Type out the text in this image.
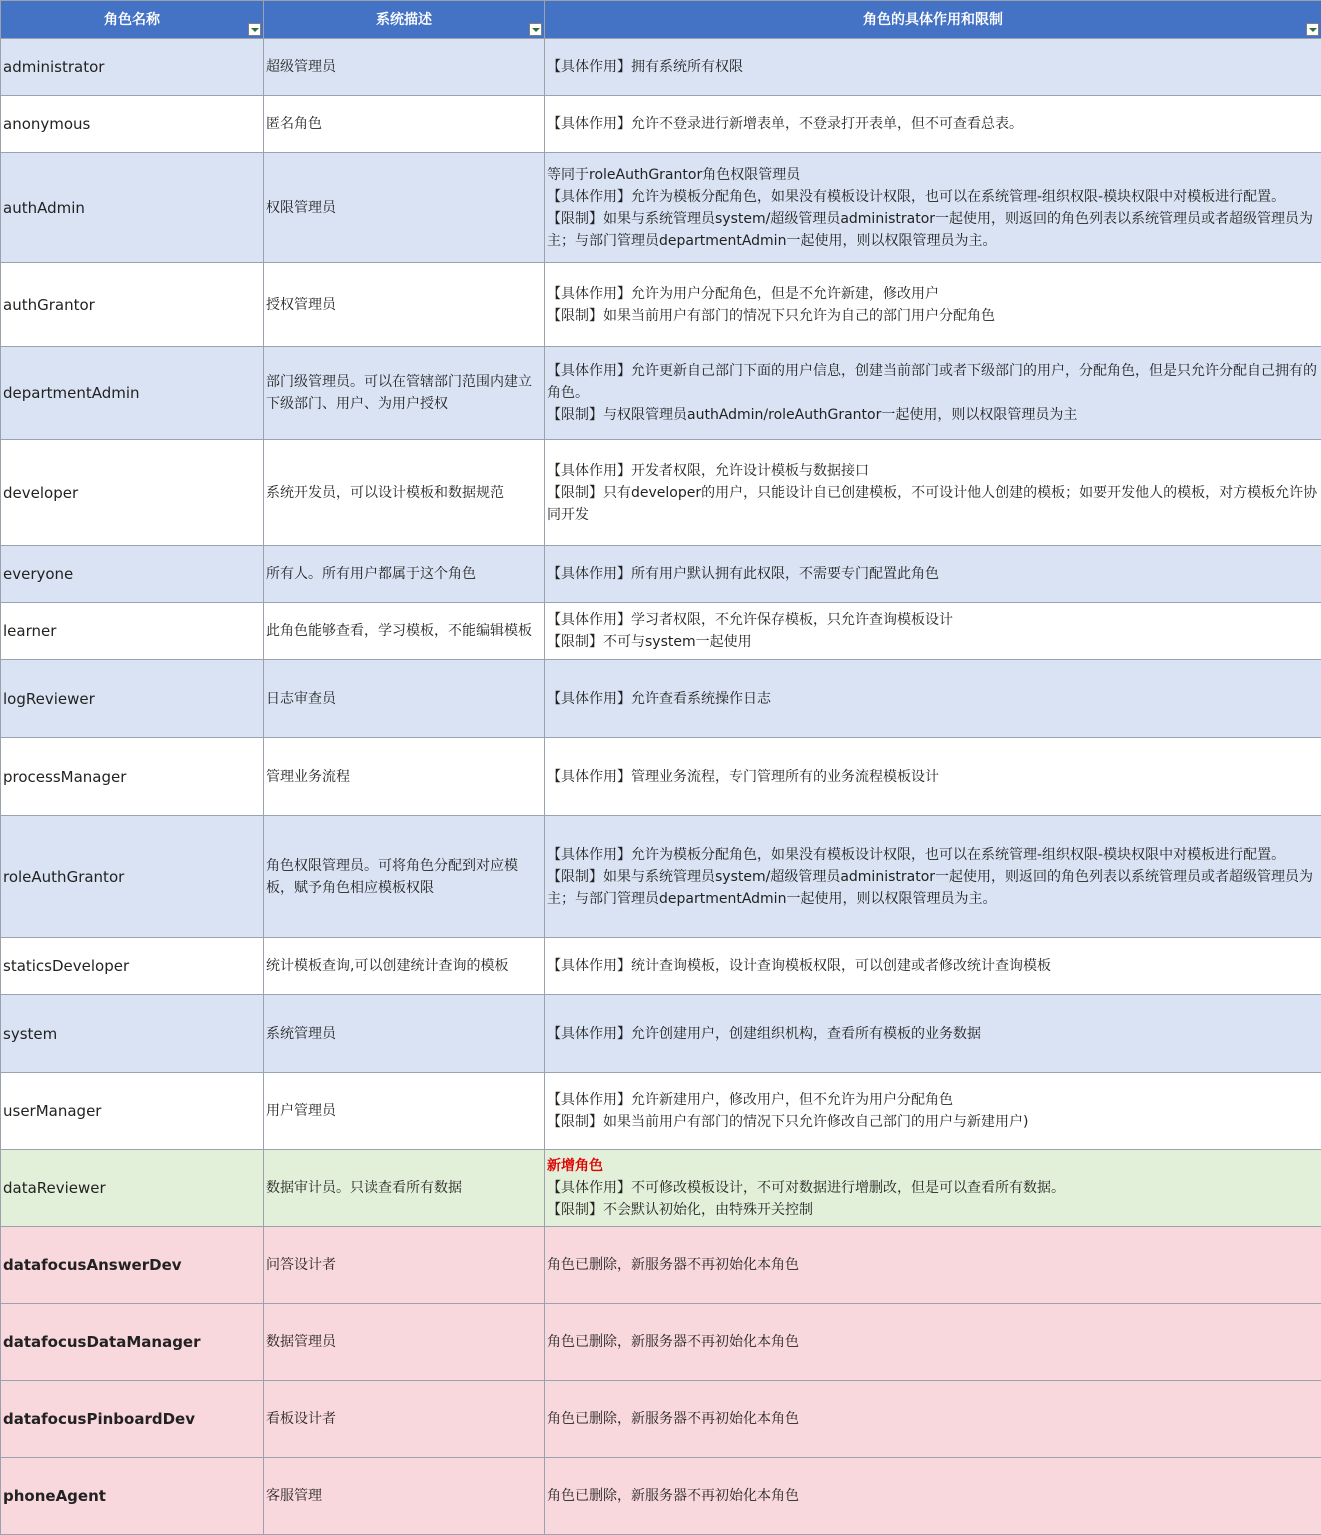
角色名称	系统描述	角色的具体作用和限制

administrator	超级管理员	【具体作用】拥有系统所有权限

anonymous	匿名角色	【具体作用】允许不登录进行新增表单，不登录打开表单，但不可查看总表。

authAdmin	权限管理员	等同于roleAuthGrantor角色权限管理员
【具体作用】允许为模板分配角色，如果没有模板设计权限，也可以在系统管理-组织权限-模块权限中对模板进行配置。
【限制】如果与系统管理员system/超级管理员administrator一起使用，则返回的角色列表以系统管理员或者超级管理员为主；与部门管理员departmentAdmin一起使用，则以权限管理员为主。

authGrantor	授权管理员	【具体作用】允许为用户分配角色，但是不允许新建，修改用户
【限制】如果当前用户有部门的情况下只允许为自己的部门用户分配角色

departmentAdmin	部门级管理员。可以在管辖部门范围内建立下级部门、用户、为用户授权	【具体作用】允许更新自己部门下面的用户信息，创建当前部门或者下级部门的用户，分配角色，但是只允许分配自己拥有的角色。
【限制】与权限管理员authAdmin/roleAuthGrantor一起使用，则以权限管理员为主

developer	系统开发员，可以设计模板和数据规范	【具体作用】开发者权限，允许设计模板与数据接口
【限制】只有developer的用户，只能设计自已创建模板，不可设计他人创建的模板；如要开发他人的模板，对方模板允许协同开发

everyone	所有人。所有用户都属于这个角色	【具体作用】所有用户默认拥有此权限，不需要专门配置此角色

learner	此角色能够查看，学习模板，不能编辑模板	【具体作用】学习者权限，不允许保存模板，只允许查询模板设计
【限制】不可与system一起使用

logReviewer	日志审查员	【具体作用】允许查看系统操作日志

processManager	管理业务流程	【具体作用】管理业务流程，专门管理所有的业务流程模板设计

roleAuthGrantor	角色权限管理员。可将角色分配到对应模板，赋予角色相应模板权限	【具体作用】允许为模板分配角色，如果没有模板设计权限，也可以在系统管理-组织权限-模块权限中对模板进行配置。
【限制】如果与系统管理员system/超级管理员administrator一起使用，则返回的角色列表以系统管理员或者超级管理员为主；与部门管理员departmentAdmin一起使用，则以权限管理员为主。

staticsDeveloper	统计模板查询,可以创建统计查询的模板	【具体作用】统计查询模板，设计查询模板权限，可以创建或者修改统计查询模板

system	系统管理员	【具体作用】允许创建用户，创建组织机构，查看所有模板的业务数据

userManager	用户管理员	【具体作用】允许新建用户，修改用户，但不允许为用户分配角色
【限制】如果当前用户有部门的情况下只允许修改自己部门的用户与新建用户)

dataReviewer	数据审计员。只读查看所有数据	新增角色
【具体作用】不可修改模板设计，不可对数据进行增删改，但是可以查看所有数据。
【限制】不会默认初始化，由特殊开关控制

datafocusAnswerDev	问答设计者	角色已删除，新服务器不再初始化本角色

datafocusDataManager	数据管理员	角色已删除，新服务器不再初始化本角色

datafocusPinboardDev	看板设计者	角色已删除，新服务器不再初始化本角色

phoneAgent	客服管理	角色已删除，新服务器不再初始化本角色
